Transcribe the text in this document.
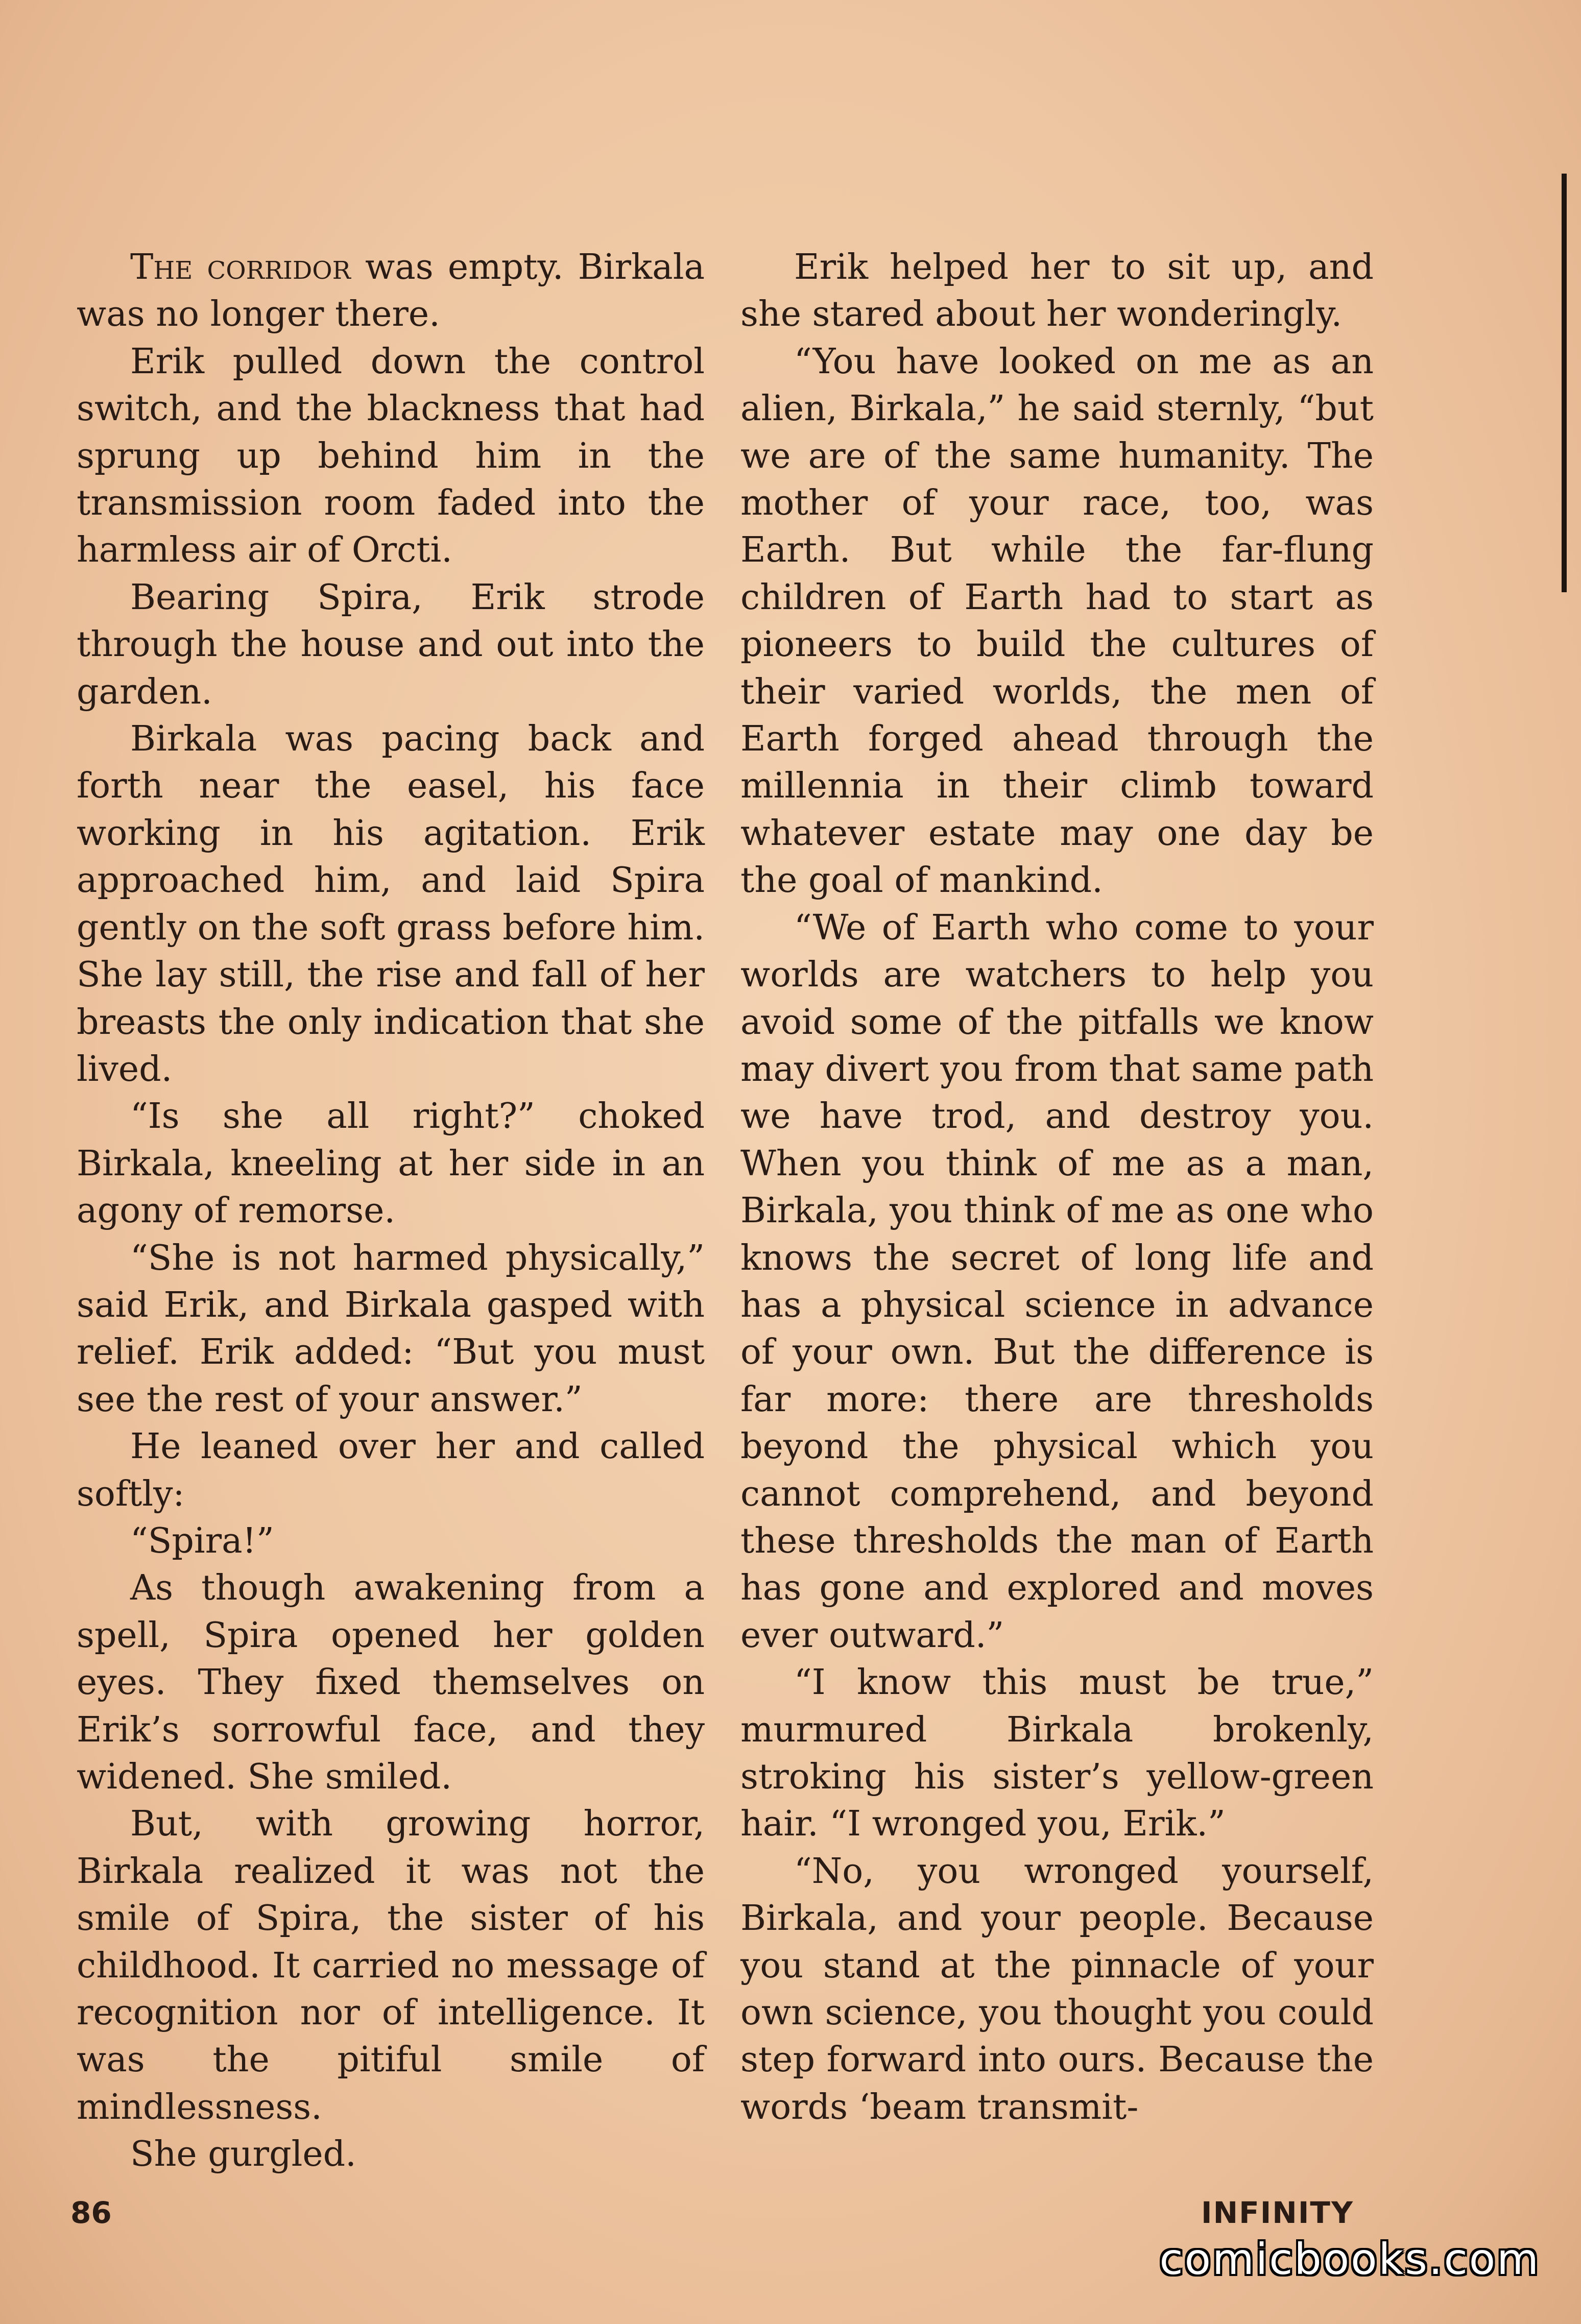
The corridor was empty. Birkala was no longer there.

Erik pulled down the control switch, and the blackness that had sprung up behind him in the transmission room faded into the harmless air of Orcti.

Bearing Spira, Erik strode through the house and out into the garden.

Birkala was pacing back and forth near the easel, his face working in his agitation. Erik approached him, and laid Spira gently on the soft grass before him. She lay still, the rise and fall of her breasts the only indication that she lived.

“Is she all right?” choked Birkala, kneeling at her side in an agony of remorse.

“She is not harmed physically,” said Erik, and Birkala gasped with relief. Erik added: “But you must see the rest of your answer.”

He leaned over her and called softly:

“Spira!”

As though awakening from a spell, Spira opened her golden eyes. They fixed themselves on Erik’s sorrowful face, and they widened. She smiled.

But, with growing horror, Birkala realized it was not the smile of Spira, the sister of his childhood. It carried no message of recognition nor of intelligence. It was the pitiful smile of mindlessness.

She gurgled.

Erik helped her to sit up, and she stared about her wonderingly.

“You have looked on me as an alien, Birkala,” he said sternly, “but we are of the same humanity. The mother of your race, too, was Earth. But while the far-flung children of Earth had to start as pioneers to build the cultures of their varied worlds, the men of Earth forged ahead through the millennia in their climb toward whatever estate may one day be the goal of mankind.

“We of Earth who come to your worlds are watchers to help you avoid some of the pitfalls we know may divert you from that same path we have trod, and destroy you. When you think of me as a man, Birkala, you think of me as one who knows the secret of long life and has a physical science in advance of your own. But the difference is far more: there are thresholds beyond the physical which you cannot comprehend, and beyond these thresholds the man of Earth has gone and explored and moves ever outward.”

“I know this must be true,” murmured Birkala brokenly, stroking his sister’s yellow-green hair. “I wronged you, Erik.”

“No, you wronged yourself, Birkala, and your people. Because you stand at the pinnacle of your own science, you thought you could step forward into ours. Because the words ‘beam transmit-

86	INFINITY
comicbooks.com
